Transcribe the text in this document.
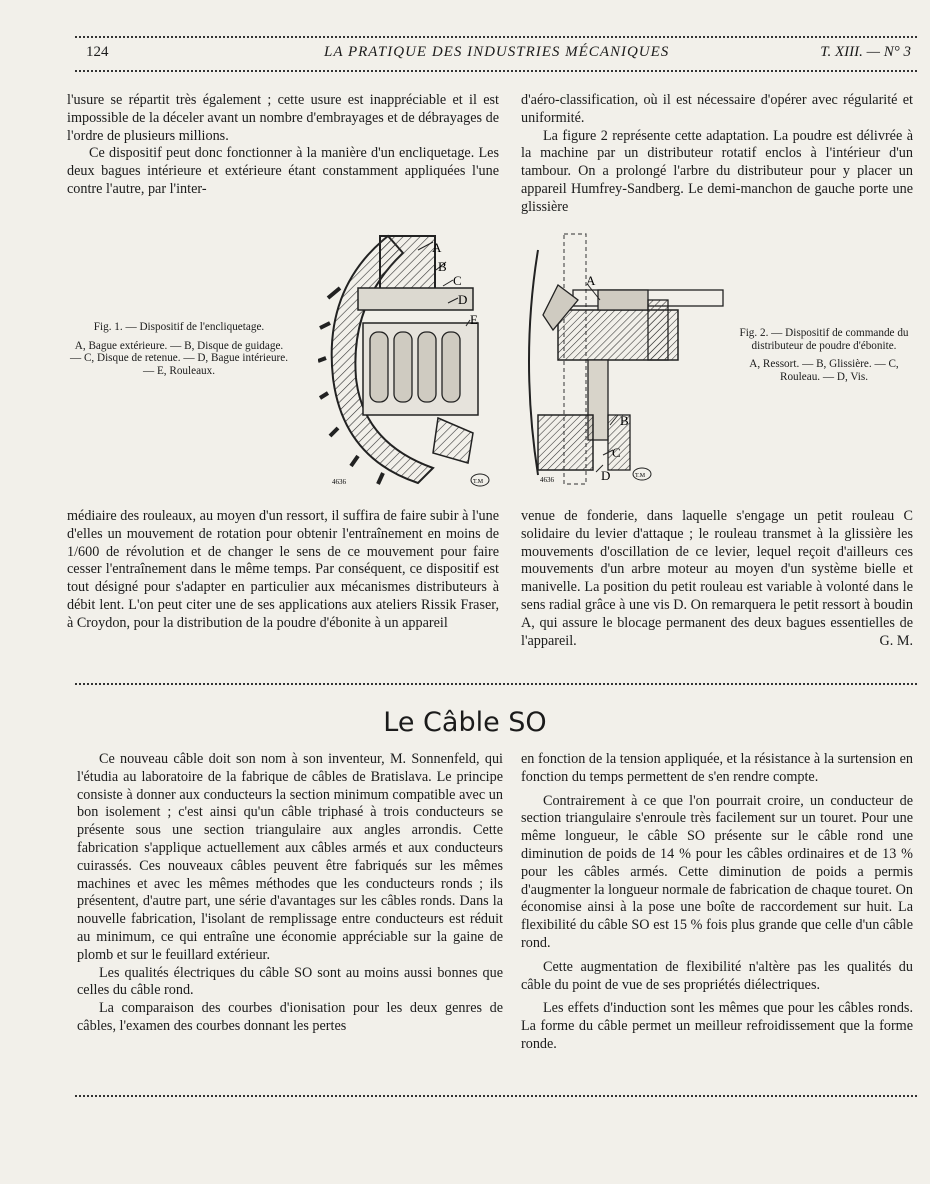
124	LA PRATIQUE DES INDUSTRIES MÉCANIQUES	T. XIII. — N° 3

l'usure se répartit très également ; cette usure est inappréciable et il est impossible de la déceler avant un nombre d'embrayages et de débrayages de l'ordre de plusieurs millions.

Ce dispositif peut donc fonctionner à la manière d'un encliquetage. Les deux bagues intérieure et extérieure étant constamment appliquées l'une contre l'autre, par l'inter-

d'aéro-classification, où il est nécessaire d'opérer avec régularité et uniformité.

La figure 2 représente cette adaptation. La poudre est délivrée à la machine par un distributeur rotatif enclos à l'intérieur d'un tambour. On a prolongé l'arbre du distributeur pour y placer un appareil Humfrey-Sandberg. Le demi-manchon de gauche porte une glissière

Fig. 1. — Dispositif de l'encliquetage.

A, Bague extérieure. — B, Disque de guidage. — C, Disque de retenue. — D, Bague intérieure. — E, Rouleaux.

A
B
C
D
E
4636	T.M
A
B
C
D
4636	T.M

Fig. 2. — Dispositif de commande du distributeur de poudre d'ébonite.

A, Ressort. — B, Glissière. — C, Rouleau. — D, Vis.

médiaire des rouleaux, au moyen d'un ressort, il suffira de faire subir à l'une d'elles un mouvement de rotation pour obtenir l'entraînement en moins de 1/600 de révolution et de changer le sens de ce mouvement pour faire cesser l'entraînement dans le même temps. Par conséquent, ce dispositif est tout désigné pour s'adapter en particulier aux mécanismes distributeurs à débit lent. L'on peut citer une de ses applications aux ateliers Rissik Fraser, à Croydon, pour la distribution de la poudre d'ébonite à un appareil

venue de fonderie, dans laquelle s'engage un petit rouleau C solidaire du levier d'attaque ; le rouleau transmet à la glissière les mouvements d'oscillation de ce levier, lequel reçoit d'ailleurs ces mouvements d'un arbre moteur au moyen d'un système bielle et manivelle. La position du petit rouleau est variable à volonté dans le sens radial grâce à une vis D. On remarquera le petit ressort à boudin A, qui assure le blocage permanent des deux bagues essentielles de l'appareil.	G. M.

Le Câble SO

Ce nouveau câble doit son nom à son inventeur, M. Sonnenfeld, qui l'étudia au laboratoire de la fabrique de câbles de Bratislava. Le principe consiste à donner aux conducteurs la section minimum compatible avec un bon isolement ; c'est ainsi qu'un câble triphasé à trois conducteurs se présente sous une section triangulaire aux angles arrondis. Cette fabrication s'applique actuellement aux câbles armés et aux conducteurs cuirassés. Ces nouveaux câbles peuvent être fabriqués sur les mêmes machines et avec les mêmes méthodes que les conducteurs ronds ; ils présentent, d'autre part, une série d'avantages sur les câbles ronds. Dans la nouvelle fabrication, l'isolant de remplissage entre conducteurs est réduit au minimum, ce qui entraîne une économie appréciable sur la gaine de plomb et sur le feuillard extérieur.

Les qualités électriques du câble SO sont au moins aussi bonnes que celles du câble rond.

La comparaison des courbes d'ionisation pour les deux genres de câbles, l'examen des courbes donnant les pertes

en fonction de la tension appliquée, et la résistance à la surtension en fonction du temps permettent de s'en rendre compte.

Contrairement à ce que l'on pourrait croire, un conducteur de section triangulaire s'enroule très facilement sur un touret. Pour une même longueur, le câble SO présente sur le câble rond une diminution de poids de 14 % pour les câbles ordinaires et de 13 % pour les câbles armés. Cette diminution de poids a permis d'augmenter la longueur normale de fabrication de chaque touret. On économise ainsi à la pose une boîte de raccordement sur huit. La flexibilité du câble SO est 15 % fois plus grande que celle d'un câble rond.

Cette augmentation de flexibilité n'altère pas les qualités du câble du point de vue de ses propriétés diélectriques.

Les effets d'induction sont les mêmes que pour les câbles ronds. La forme du câble permet un meilleur refroidissement que la forme ronde.
